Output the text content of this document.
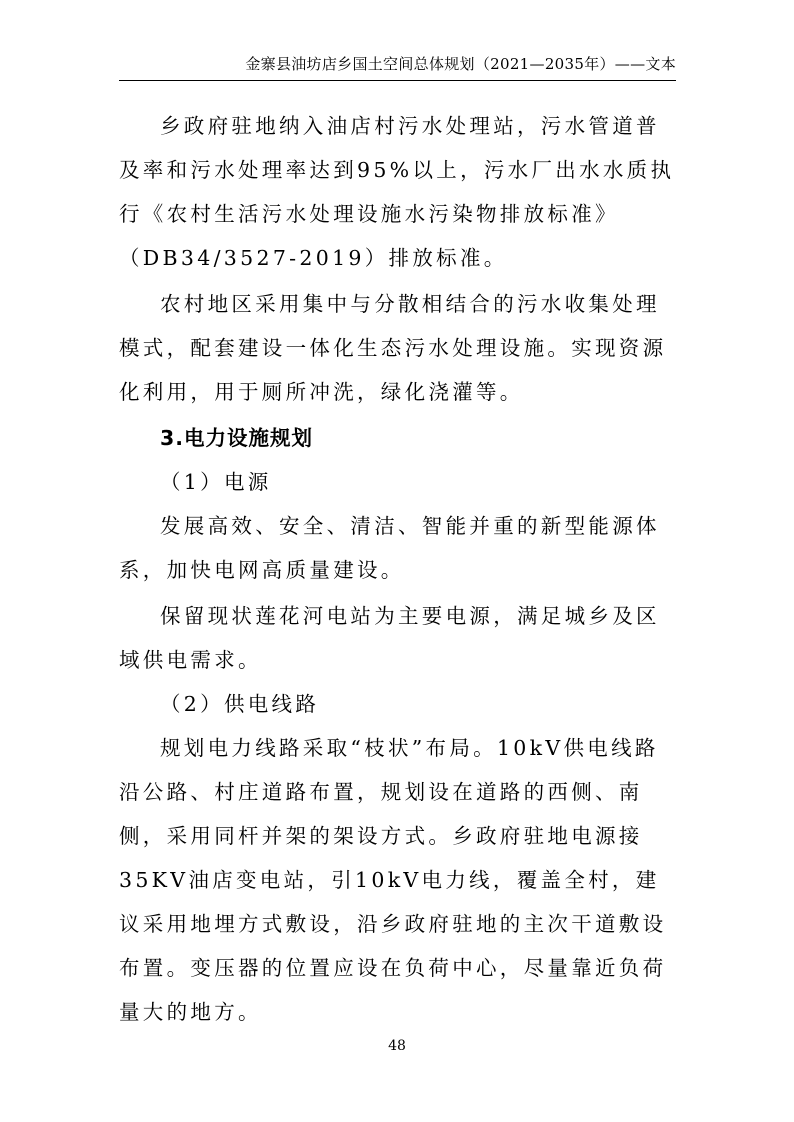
金寨县油坊店乡国土空间总体规划（2021—2035年）——文本

乡政府驻地纳入油店村污水处理站，污水管道普及率和污水处理率达到95%以上，污水厂出水水质执行《农村生活污水处理设施水污染物排放标准》（DB34/3527-2019）排放标准。

农村地区采用集中与分散相结合的污水收集处理模式，配套建设一体化生态污水处理设施。实现资源化利用，用于厕所冲洗，绿化浇灌等。

3.电力设施规划

（1）电源

发展高效、安全、清洁、智能并重的新型能源体系，加快电网高质量建设。

保留现状莲花河电站为主要电源，满足城乡及区域供电需求。

（2）供电线路

规划电力线路采取“枝状”布局。10kV供电线路沿公路、村庄道路布置，规划设在道路的西侧、南侧，采用同杆并架的架设方式。乡政府驻地电源接35KV油店变电站，引10kV电力线，覆盖全村，建议采用地埋方式敷设，沿乡政府驻地的主次干道敷设布置。变压器的位置应设在负荷中心，尽量靠近负荷量大的地方。

48
